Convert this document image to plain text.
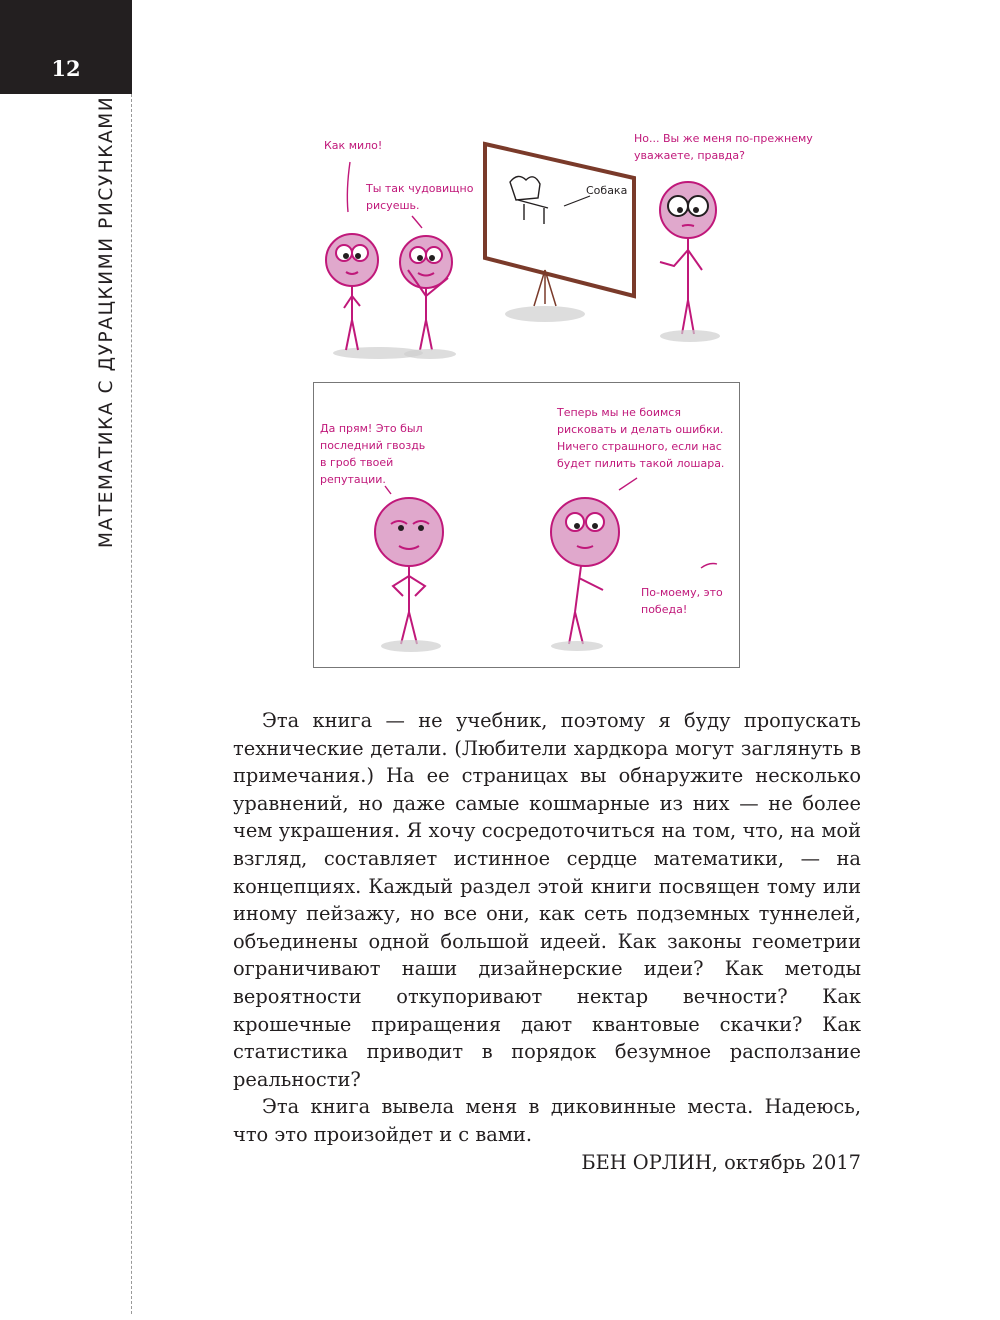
12
МАТЕМАТИКА С ДУРАЦКИМИ РИСУНКАМИ	Как мило!
Ты так чудовищно
рисуешь.
Собака
Но... Вы же меня по-прежнему
уважаете, правда?
Да прям! Это был
последний гвоздь
в гроб твоей
репутации.
Теперь мы не боимся
рисковать и делать ошибки.
Ничего страшного, если нас
будет пилить такой лошара.
По-моему, это
победа!

Эта книга — не учебник, поэтому я буду пропускать технические детали. (Любители хардкора могут заглянуть в примечания.) На ее страницах вы обнаружите несколько уравнений, но даже самые кошмарные из них — не более чем украшения. Я хочу сосредоточиться на том, что, на мой взгляд, составляет истинное сердце математики, — на концепциях. Каждый раздел этой книги посвящен тому или иному пейзажу, но все они, как сеть подземных туннелей, объединены одной большой идеей. Как законы геометрии ограничивают наши дизайнерские идеи? Как методы вероятности откупоривают нектар вечности? Как крошечные приращения дают квантовые скачки? Как статистика приводит в порядок безумное расползание реальности?

Эта книга вывела меня в диковинные места. Надеюсь, что это произойдет и с вами.

БЕН ОРЛИН, октябрь 2017
